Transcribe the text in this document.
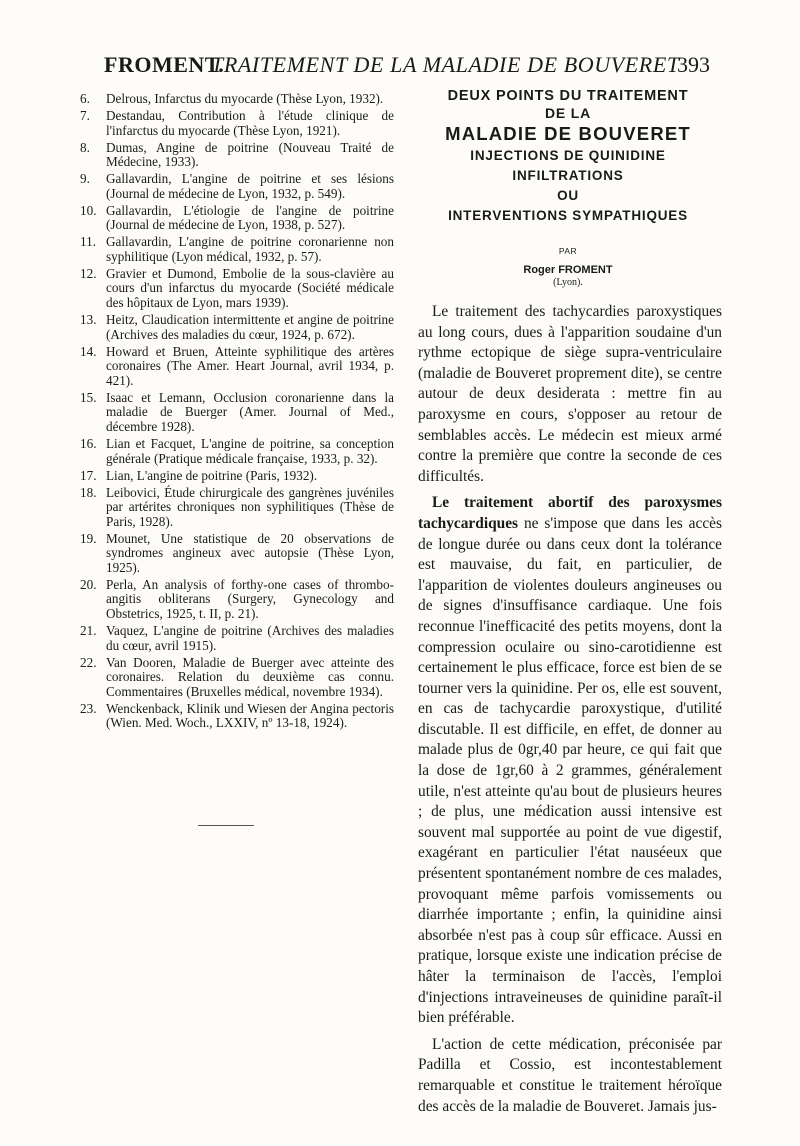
FROMENT.
TRAITEMENT DE LA MALADIE DE BOUVERET
393
6. Delrous, Infarctus du myocarde (Thèse Lyon, 1932).
7. Destandau, Contribution à l'étude clinique de l'infarctus du myocarde (Thèse Lyon, 1921).
8. Dumas, Angine de poitrine (Nouveau Traité de Médecine, 1933).
9. Gallavardin, L'angine de poitrine et ses lésions (Journal de médecine de Lyon, 1932, p. 549).
10. Gallavardin, L'étiologie de l'angine de poitrine (Journal de médecine de Lyon, 1938, p. 527).
11. Gallavardin, L'angine de poitrine coronarienne non syphilitique (Lyon médical, 1932, p. 57).
12. Gravier et Dumond, Embolie de la sous-clavière au cours d'un infarctus du myocarde (Société médicale des hôpitaux de Lyon, mars 1939).
13. Heitz, Claudication intermittente et angine de poitrine (Archives des maladies du cœur, 1924, p. 672).
14. Howard et Bruen, Atteinte syphilitique des artères coronaires (The Amer. Heart Journal, avril 1934, p. 421).
15. Isaac et Lemann, Occlusion coronarienne dans la maladie de Buerger (Amer. Journal of Med., décembre 1928).
16. Lian et Facquet, L'angine de poitrine, sa conception générale (Pratique médicale française, 1933, p. 32).
17. Lian, L'angine de poitrine (Paris, 1932).
18. Leibovici, Étude chirurgicale des gangrènes juvéniles par artérites chroniques non syphilitiques (Thèse de Paris, 1928).
19. Mounet, Une statistique de 20 observations de syndromes angineux avec autopsie (Thèse Lyon, 1925).
20. Perla, An analysis of forthy-one cases of thrombo-angitis obliterans (Surgery, Gynecology and Obstetrics, 1925, t. II, p. 21).
21. Vaquez, L'angine de poitrine (Archives des maladies du cœur, avril 1915).
22. Van Dooren, Maladie de Buerger avec atteinte des coronaires. Relation du deuxième cas connu. Commentaires (Bruxelles médical, novembre 1934).
23. Wenckenback, Klinik und Wiesen der Angina pectoris (Wien. Med. Woch., LXXIV, nº 13-18, 1924).
DEUX POINTS DU TRAITEMENT
DE LA
MALADIE DE BOUVERET
INJECTIONS DE QUINIDINE
INFILTRATIONS
OU
INTERVENTIONS SYMPATHIQUES
PAR
Roger FROMENT
(Lyon).

Le traitement des tachycardies paroxystiques au long cours, dues à l'apparition soudaine d'un rythme ectopique de siège supra-ventriculaire (maladie de Bouveret proprement dite), se centre autour de deux desiderata : mettre fin au paroxysme en cours, s'opposer au retour de semblables accès. Le médecin est mieux armé contre la première que contre la seconde de ces difficultés.

Le traitement abortif des paroxysmes tachycardiques ne s'impose que dans les accès de longue durée ou dans ceux dont la tolérance est mauvaise, du fait, en particulier, de l'apparition de violentes douleurs angineuses ou de signes d'insuffisance cardiaque. Une fois reconnue l'inefficacité des petits moyens, dont la compression oculaire ou sino-carotidienne est certainement le plus efficace, force est bien de se tourner vers la quinidine. Per os, elle est souvent, en cas de tachycardie paroxystique, d'utilité discutable. Il est difficile, en effet, de donner au malade plus de 0gr,40 par heure, ce qui fait que la dose de 1gr,60 à 2 grammes, généralement utile, n'est atteinte qu'au bout de plusieurs heures ; de plus, une médication aussi intensive est souvent mal supportée au point de vue digestif, exagérant en particulier l'état nauséeux que présentent spontanément nombre de ces malades, provoquant même parfois vomissements ou diarrhée importante ; enfin, la quinidine ainsi absorbée n'est pas à coup sûr efficace. Aussi en pratique, lorsque existe une indication précise de hâter la terminaison de l'accès, l'emploi d'injections intraveineuses de quinidine paraît-il bien préférable.

L'action de cette médication, préconisée par Padilla et Cossio, est incontestablement remarquable et constitue le traitement héroïque des accès de la maladie de Bouveret. Jamais jus-
